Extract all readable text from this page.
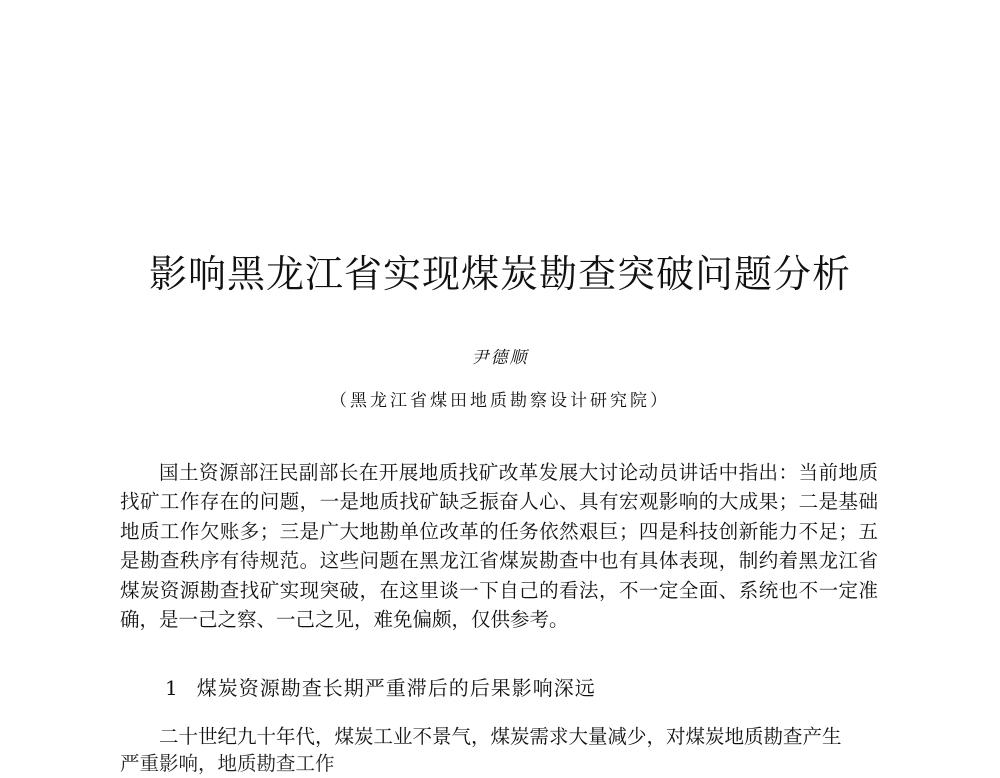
影响黑龙江省实现煤炭勘查突破问题分析
尹德顺
（黑龙江省煤田地质勘察设计研究院）

国土资源部汪民副部长在开展地质找矿改革发展大讨论动员讲话中指出：当前地质找矿工作存在的问题，一是地质找矿缺乏振奋人心、具有宏观影响的大成果；二是基础地质工作欠账多；三是广大地勘单位改革的任务依然艰巨；四是科技创新能力不足；五是勘查秩序有待规范。这些问题在黑龙江省煤炭勘查中也有具体表现，制约着黑龙江省煤炭资源勘查找矿实现突破，在这里谈一下自己的看法，不一定全面、系统也不一定准确，是一己之察、一己之见，难免偏颇，仅供参考。

1 煤炭资源勘查长期严重滞后的后果影响深远

二十世纪九十年代，煤炭工业不景气，煤炭需求大量减少，对煤炭地质勘查产生

严重影响，地质勘查工作
